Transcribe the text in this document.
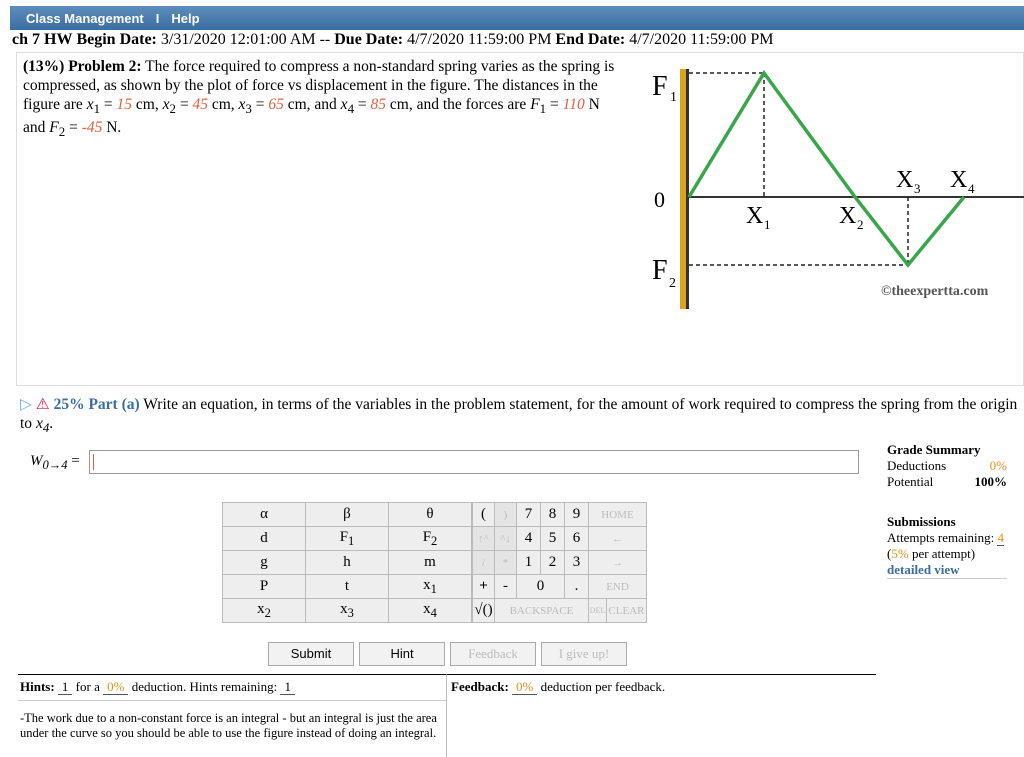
Class Management I Help
ch 7 HW Begin Date: 3/31/2020 12:01:00 AM -- Due Date: 4/7/2020 11:59:00 PM End Date: 4/7/2020 11:59:00 PM
(13%) Problem 2: The force required to compress a non-standard spring varies as the spring is compressed, as shown by the plot of force vs displacement in the figure. The distances in the figure are $x_1 = 15$ cm, $x_2 = 45$ cm, $x_3 = 65$ cm, and $x_4 = 85$ cm, and the forces are $F_1 = 110$ N and $F_2 = -45$ N.
F 1
0
F 2
X 1	X 2
X 3 X 4
©theexpertta.com
▷ ⚠ 25% Part (a) Write an equation, in terms of the variables in the problem statement, for the amount of work required to compress the spring from the origin to $x_4$.
$W_{0\to 4}$ =
α	β	θ
d	$F_1$	$F_2$
g	h	m
P	t	$x_1$
$x_2$	$x_3$	$x_4$
(	)	7	8	9	HOME	
↑^	^↓	4	5	6	←	
/	*	1	2	3	→	
+	-	0		.	END	
√()	BACKSPACE				DEL	CLEAR
Submit	Hint	Feedback	I give up!
Grade Summary
Deductions	0%
Potential	100%
Submissions
Attempts remaining: 4
(5% per attempt)
detailed view
Hints: 1 for a 0% deduction. Hints remaining: 1
-The work due to a non-constant force is an integral - but an integral is just the area under the curve so you should be able to use the figure instead of doing an integral.
Feedback: 0% deduction per feedback.
